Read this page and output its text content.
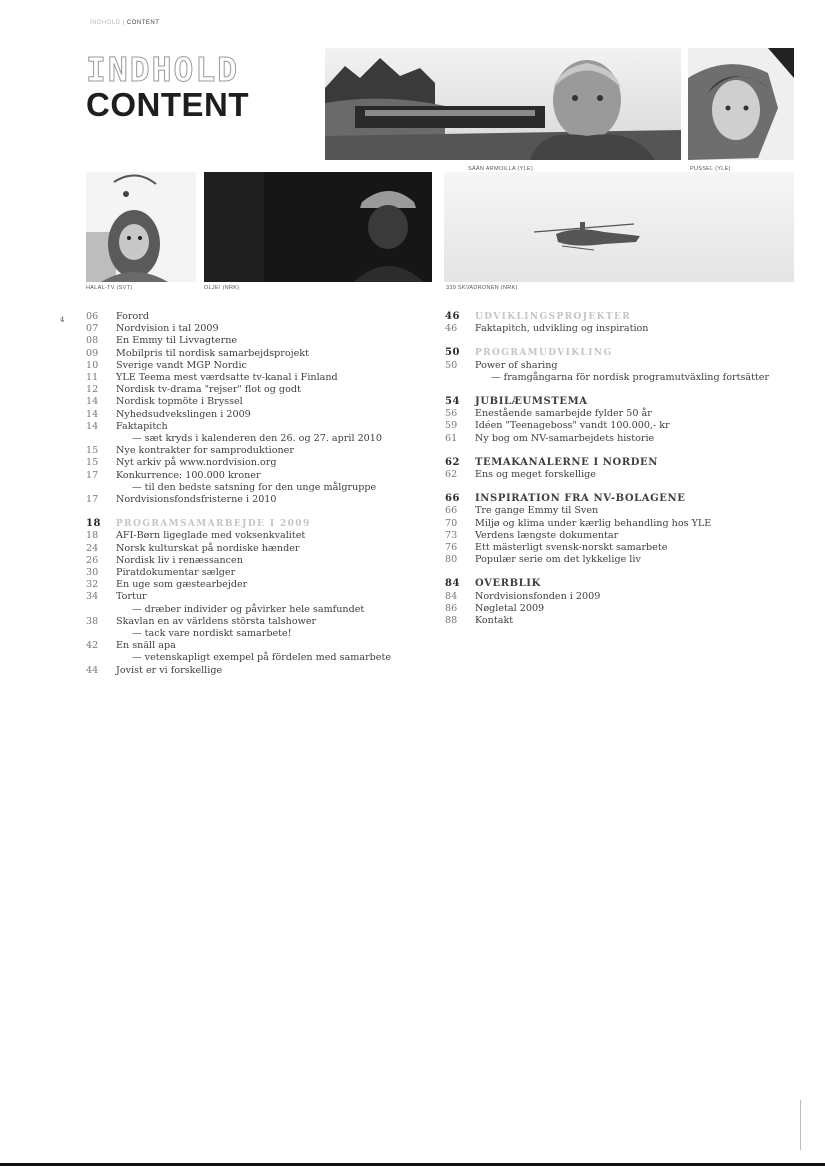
INDHOLD | CONTENT
INDHOLD
CONTENT
SÄÄN ARMOILLA (YLE)	PUSSEL (YLE)
HALAL-TV (SVT)	OLJE! (NRK)	330 SKVADRONEN (NRK)
4 06	Forord
07	Nordvision i tal 2009
08	En Emmy til Livvagterne
09	Mobilpris til nordisk samarbejdsprojekt
10	Sverige vandt MGP Nordic
11	YLE Teema mest værdsatte tv-kanal i Finland
12	Nordisk tv-drama "rejser" flot og godt
14	Nordisk topmöte i Bryssel
14	Nyhedsudvekslingen i 2009
14	Faktapitch
— sæt kryds i kalenderen den 26. og 27. april 2010
15	Nye kontrakter for samproduktioner
15	Nyt arkiv på www.nordvision.org
17	Konkurrence: 100.000 kroner
— til den bedste satsning for den unge målgruppe
17	Nordvisionsfondsfristerne i 2010
18	PROGRAMSAMARBEJDE I 2009
18	AFI-Børn ligeglade med voksenkvalitet
24	Norsk kulturskat på nordiske hænder
26	Nordisk liv i renæssancen
30	Piratdokumentar sælger
32	En uge som gæstearbejder
34	Tortur
— dræber individer og påvirker hele samfundet
38	Skavlan en av världens största talshower
— tack vare nordiskt samarbete!
42	En snäll apa
— vetenskapligt exempel på fördelen med samarbete
44	Jovist er vi forskellige
46	UDVIKLINGSPROJEKTER
46	Faktapitch, udvikling og inspiration
50	PROGRAMUDVIKLING
50	Power of sharing
— framgångarna för nordisk programutväxling fortsätter
54	JUBILÆUMSTEMA
56	Enestående samarbejde fylder 50 år
59	Idéen "Teenageboss" vandt 100.000,- kr
61	Ny bog om NV-samarbejdets historie
62	TEMAKANALERNE I NORDEN
62	Ens og meget forskellige
66	INSPIRATION FRA NV-BOLAGENE
66	Tre gange Emmy til Sven
70	Miljø og klima under kærlig behandling hos YLE
73	Verdens længste dokumentar
76	Ett mästerligt svensk-norskt samarbete
80	Populær serie om det lykkelige liv
84	OVERBLIK
84	Nordvisionsfonden i 2009
86	Nøgletal 2009
88	Kontakt
